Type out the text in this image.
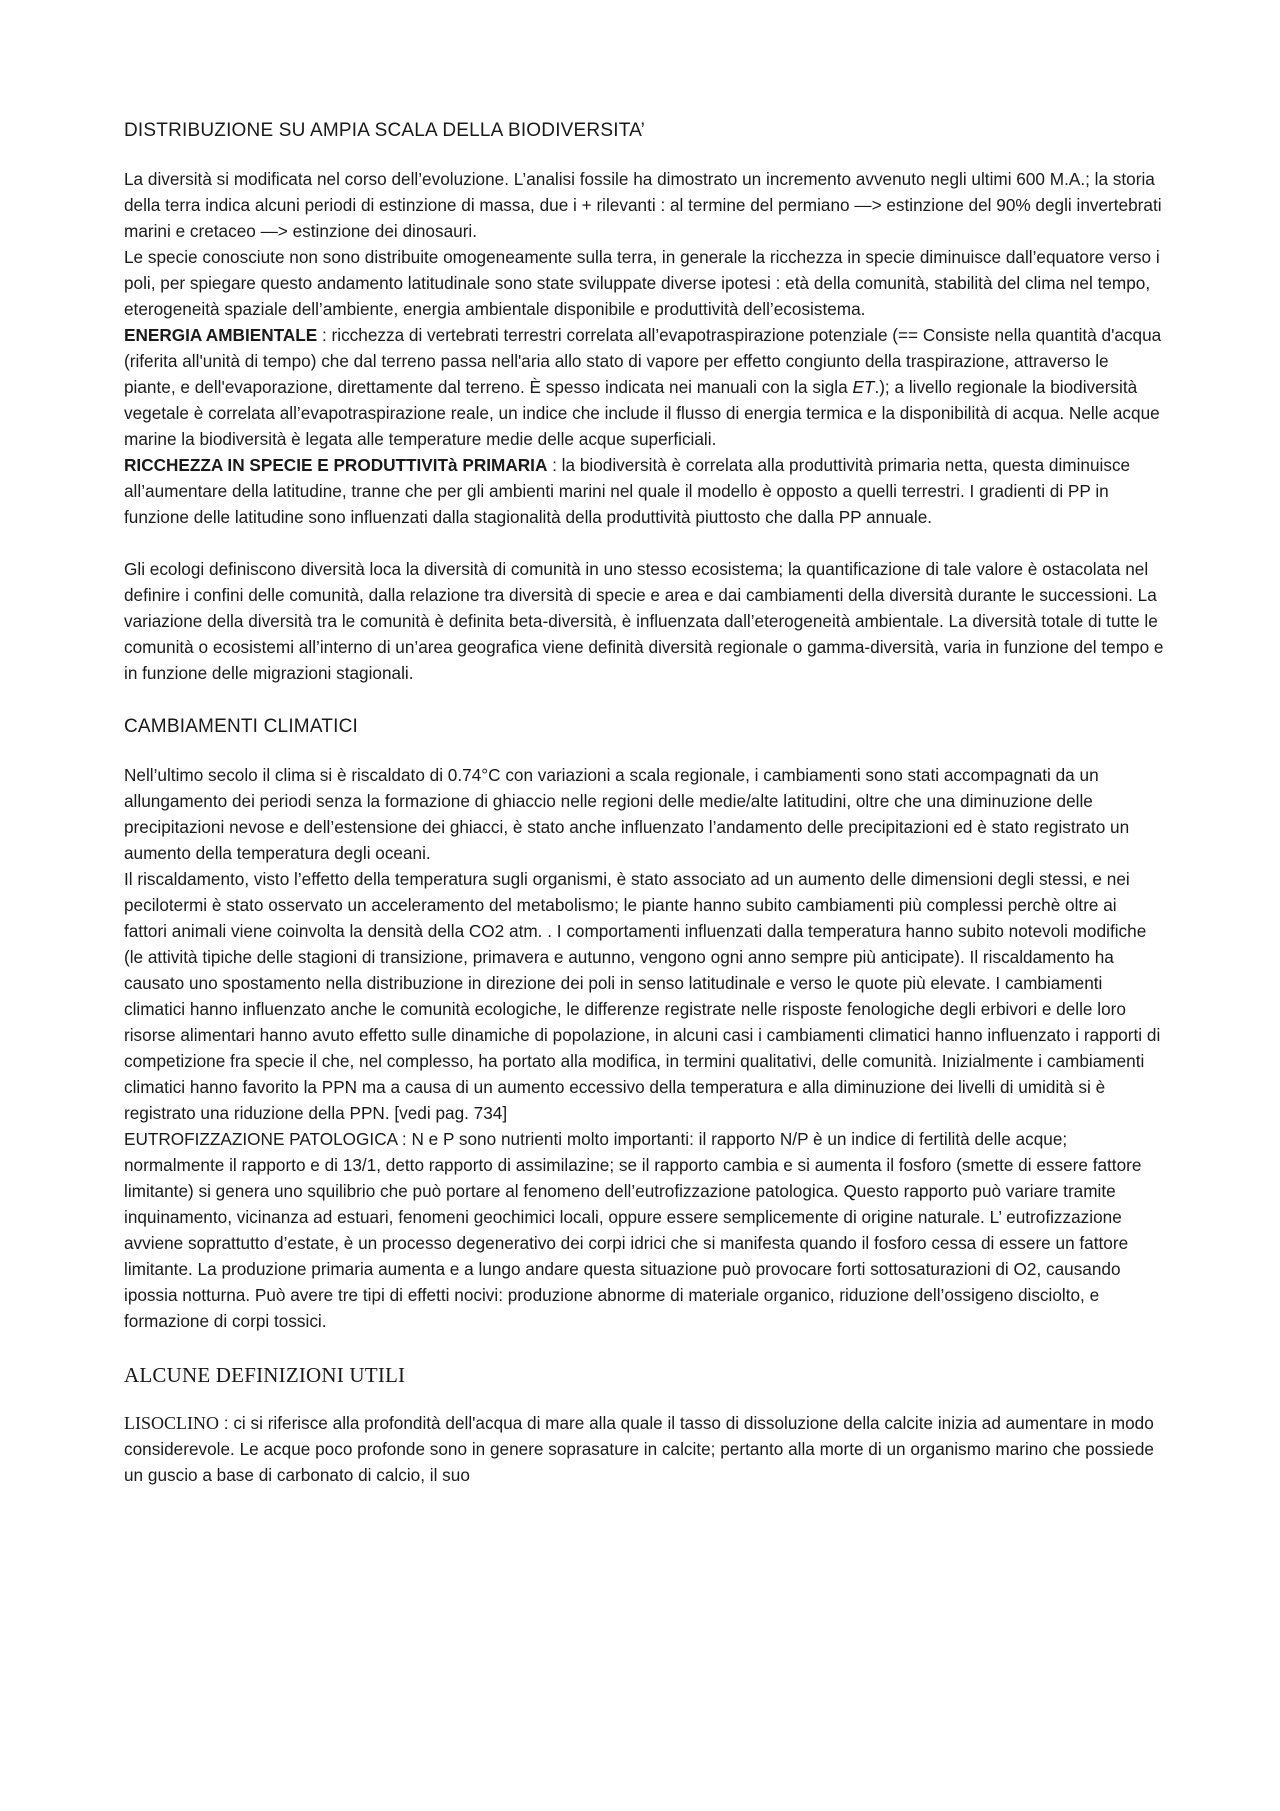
DISTRIBUZIONE SU AMPIA SCALA DELLA BIODIVERSITA’

La diversità si modificata nel corso dell’evoluzione. L’analisi fossile ha dimostrato un incremento avvenuto negli ultimi 600 M.A.; la storia della terra indica alcuni periodi di estinzione di massa, due i + rilevanti : al termine del permiano —> estinzione del 90% degli invertebrati marini e cretaceo —> estinzione dei dinosauri.

Le specie conosciute non sono distribuite omogeneamente sulla terra, in generale la ricchezza in specie diminuisce dall’equatore verso i poli, per spiegare questo andamento latitudinale sono state sviluppate diverse ipotesi : età della comunità, stabilità del clima nel tempo, eterogeneità spaziale dell’ambiente, energia ambientale disponibile e produttività dell’ecosistema.

ENERGIA AMBIENTALE : ricchezza di vertebrati terrestri correlata all’evapotraspirazione potenziale (== Consiste nella quantità d'acqua (riferita all'unità di tempo) che dal terreno passa nell'aria allo stato di vapore per effetto congiunto della traspirazione, attraverso le piante, e dell'evaporazione, direttamente dal terreno. È spesso indicata nei manuali con la sigla ET.); a livello regionale la biodiversità vegetale è correlata all’evapotraspirazione reale, un indice che include il flusso di energia termica e la disponibilità di acqua. Nelle acque marine la biodiversità è legata alle temperature medie delle acque superficiali.

RICCHEZZA IN SPECIE E PRODUTTIVITà PRIMARIA : la biodiversità è correlata alla produttività primaria netta, questa diminuisce all’aumentare della latitudine, tranne che per gli ambienti marini nel quale il modello è opposto a quelli terrestri. I gradienti di PP in funzione delle latitudine sono influenzati dalla stagionalità della produttività piuttosto che dalla PP annuale.

Gli ecologi definiscono diversità loca la diversità di comunità in uno stesso ecosistema; la quantificazione di tale valore è ostacolata nel definire i confini delle comunità, dalla relazione tra diversità di specie e area e dai cambiamenti della diversità durante le successioni. La variazione della diversità tra le comunità è definita beta-diversità, è influenzata dall’eterogeneità ambientale. La diversità totale di tutte le comunità o ecosistemi all’interno di un’area geografica viene definità diversità regionale o gamma-diversità, varia in funzione del tempo e in funzione delle migrazioni stagionali.

CAMBIAMENTI CLIMATICI

Nell’ultimo secolo il clima si è riscaldato di 0.74°C con variazioni a scala regionale, i cambiamenti sono stati accompagnati da un allungamento dei periodi senza la formazione di ghiaccio nelle regioni delle medie/alte latitudini, oltre che una diminuzione delle precipitazioni nevose e dell’estensione dei ghiacci, è stato anche influenzato l’andamento delle precipitazioni ed è stato registrato un aumento della temperatura degli oceani.

Il riscaldamento, visto l’effetto della temperatura sugli organismi, è stato associato ad un aumento delle dimensioni degli stessi, e nei pecilotermi è stato osservato un acceleramento del metabolismo; le piante hanno subito cambiamenti più complessi perchè oltre ai fattori animali viene coinvolta la densità della CO2 atm. . I comportamenti influenzati dalla temperatura hanno subito notevoli modifiche (le attività tipiche delle stagioni di transizione, primavera e autunno, vengono ogni anno sempre più anticipate). Il riscaldamento ha causato uno spostamento nella distribuzione in direzione dei poli in senso latitudinale e verso le quote più elevate. I cambiamenti climatici hanno influenzato anche le comunità ecologiche, le differenze registrate nelle risposte fenologiche degli erbivori e delle loro risorse alimentari hanno avuto effetto sulle dinamiche di popolazione, in alcuni casi i cambiamenti climatici hanno influenzato i rapporti di competizione fra specie il che, nel complesso, ha portato alla modifica, in termini qualitativi, delle comunità. Inizialmente i cambiamenti climatici hanno favorito la PPN ma a causa di un aumento eccessivo della temperatura e alla diminuzione dei livelli di umidità si è registrato una riduzione della PPN. [vedi pag. 734]

EUTROFIZZAZIONE PATOLOGICA : N e P sono nutrienti molto importanti: il rapporto N/P è un indice di fertilità delle acque; normalmente il rapporto e di 13/1, detto rapporto di assimilazine; se il rapporto cambia e si aumenta il fosforo (smette di essere fattore limitante) si genera uno squilibrio che può portare al fenomeno dell’eutrofizzazione patologica. Questo rapporto può variare tramite inquinamento, vicinanza ad estuari, fenomeni geochimici locali, oppure essere semplicemente di origine naturale. L’ eutrofizzazione avviene soprattutto d’estate, è un processo degenerativo dei corpi idrici che si manifesta quando il fosforo cessa di essere un fattore limitante. La produzione primaria aumenta e a lungo andare questa situazione può provocare forti sottosaturazioni di O2, causando ipossia notturna. Può avere tre tipi di effetti nocivi: produzione abnorme di materiale organico, riduzione dell’ossigeno disciolto, e formazione di corpi tossici.

ALCUNE DEFINIZIONI UTILI

LISOCLINO : ci si riferisce alla profondità dell'acqua di mare alla quale il tasso di dissoluzione della calcite inizia ad aumentare in modo considerevole. Le acque poco profonde sono in genere soprasature in calcite; pertanto alla morte di un organismo marino che possiede un guscio a base di carbonato di calcio, il suo
